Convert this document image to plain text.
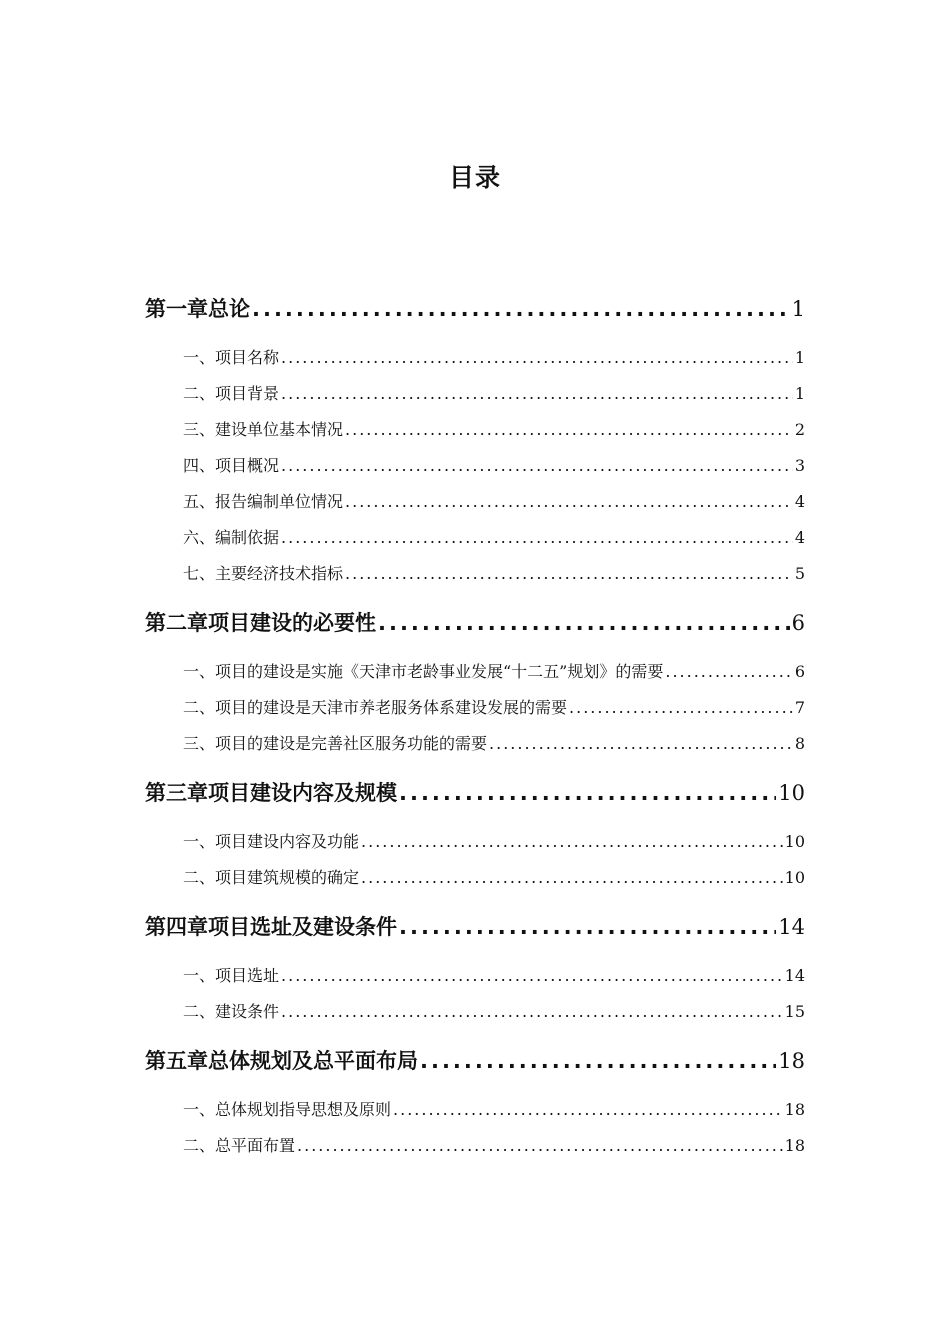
目录
第一章 总论 .....	1
一、项目名称 .....	1
二、项目背景 .....	1
三、建设单位基本情况 .....	2
四、项目概况 .....	3
五、报告编制单位情况 .....	4
六、编制依据 .....	4
七、主要经济技术指标 .....	5
第二章 项目建设的必要性 .....	6
一、项目的建设是实施《天津市老龄事业发展“十二五”规划》的需要 .....	6
二、项目的建设是天津市养老服务体系建设发展的需要 .....	7
三、项目的建设是完善社区服务功能的需要 .....	8
第三章 项目建设内容及规模 .....	10
一、项目建设内容及功能 .....	10
二、项目建筑规模的确定 .....	10
第四章 项目选址及建设条件 .....	14
一、项目选址 .....	14
二、建设条件 .....	15
第五章 总体规划及总平面布局 .....	18
一、总体规划指导思想及原则 .....	18
二、总平面布置 .....	18
